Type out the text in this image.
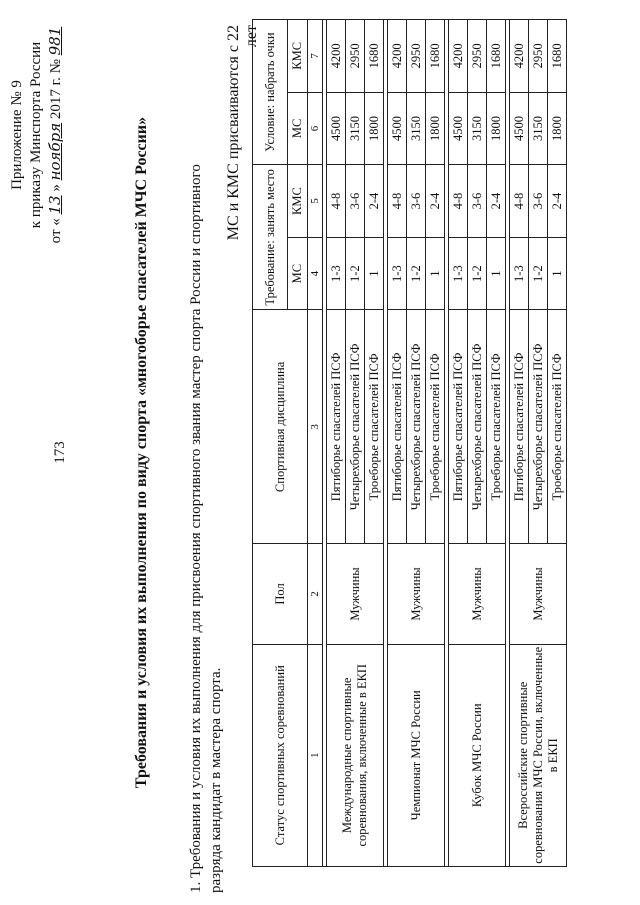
173
Приложение № 9 к приказу Минспорта России
от « 13 » ноября 2017 г. № 981
Требования и условия их выполнения по виду спорта «многоборье спасателей МЧС России»	1. Требования и условия их выполнения для присвоения спортивного звания мастер спорта России и спортивного разряда кандидат в мастера спорта.
МС и КМС присваиваются с 22 лет
Статус спортивных соревнований	Пол	Спортивная дисциплина	Требование: занять место		Условие: набрать очки	
			МС	КМС	МС	КМС
1	2	3	4	5	6	7

Международные спортивные соревнования, включенные в ЕКП	Мужчины	Пятиборье спасателей ПСФ	1-3	4-8	4500	4200
		Четырехборье спасателей ПСФ	1-2	3-6	3150	2950
		Троеборье спасателей ПСФ	1	2-4	1800	1680

Чемпионат МЧС России	Мужчины	Пятиборье спасателей ПСФ	1-3	4-8	4500	4200
		Четырехборье спасателей ПСФ	1-2	3-6	3150	2950
		Троеборье спасателей ПСФ	1	2-4	1800	1680

Кубок МЧС России	Мужчины	Пятиборье спасателей ПСФ	1-3	4-8	4500	4200
		Четырехборье спасателей ПСФ	1-2	3-6	3150	2950
		Троеборье спасателей ПСФ	1	2-4	1800	1680

Всероссийские спортивные соревнования МЧС России, включенные в ЕКП	Мужчины	Пятиборье спасателей ПСФ	1-3	4-8	4500	4200
		Четырехборье спасателей ПСФ	1-2	3-6	3150	2950
		Троеборье спасателей ПСФ	1	2-4	1800	1680
